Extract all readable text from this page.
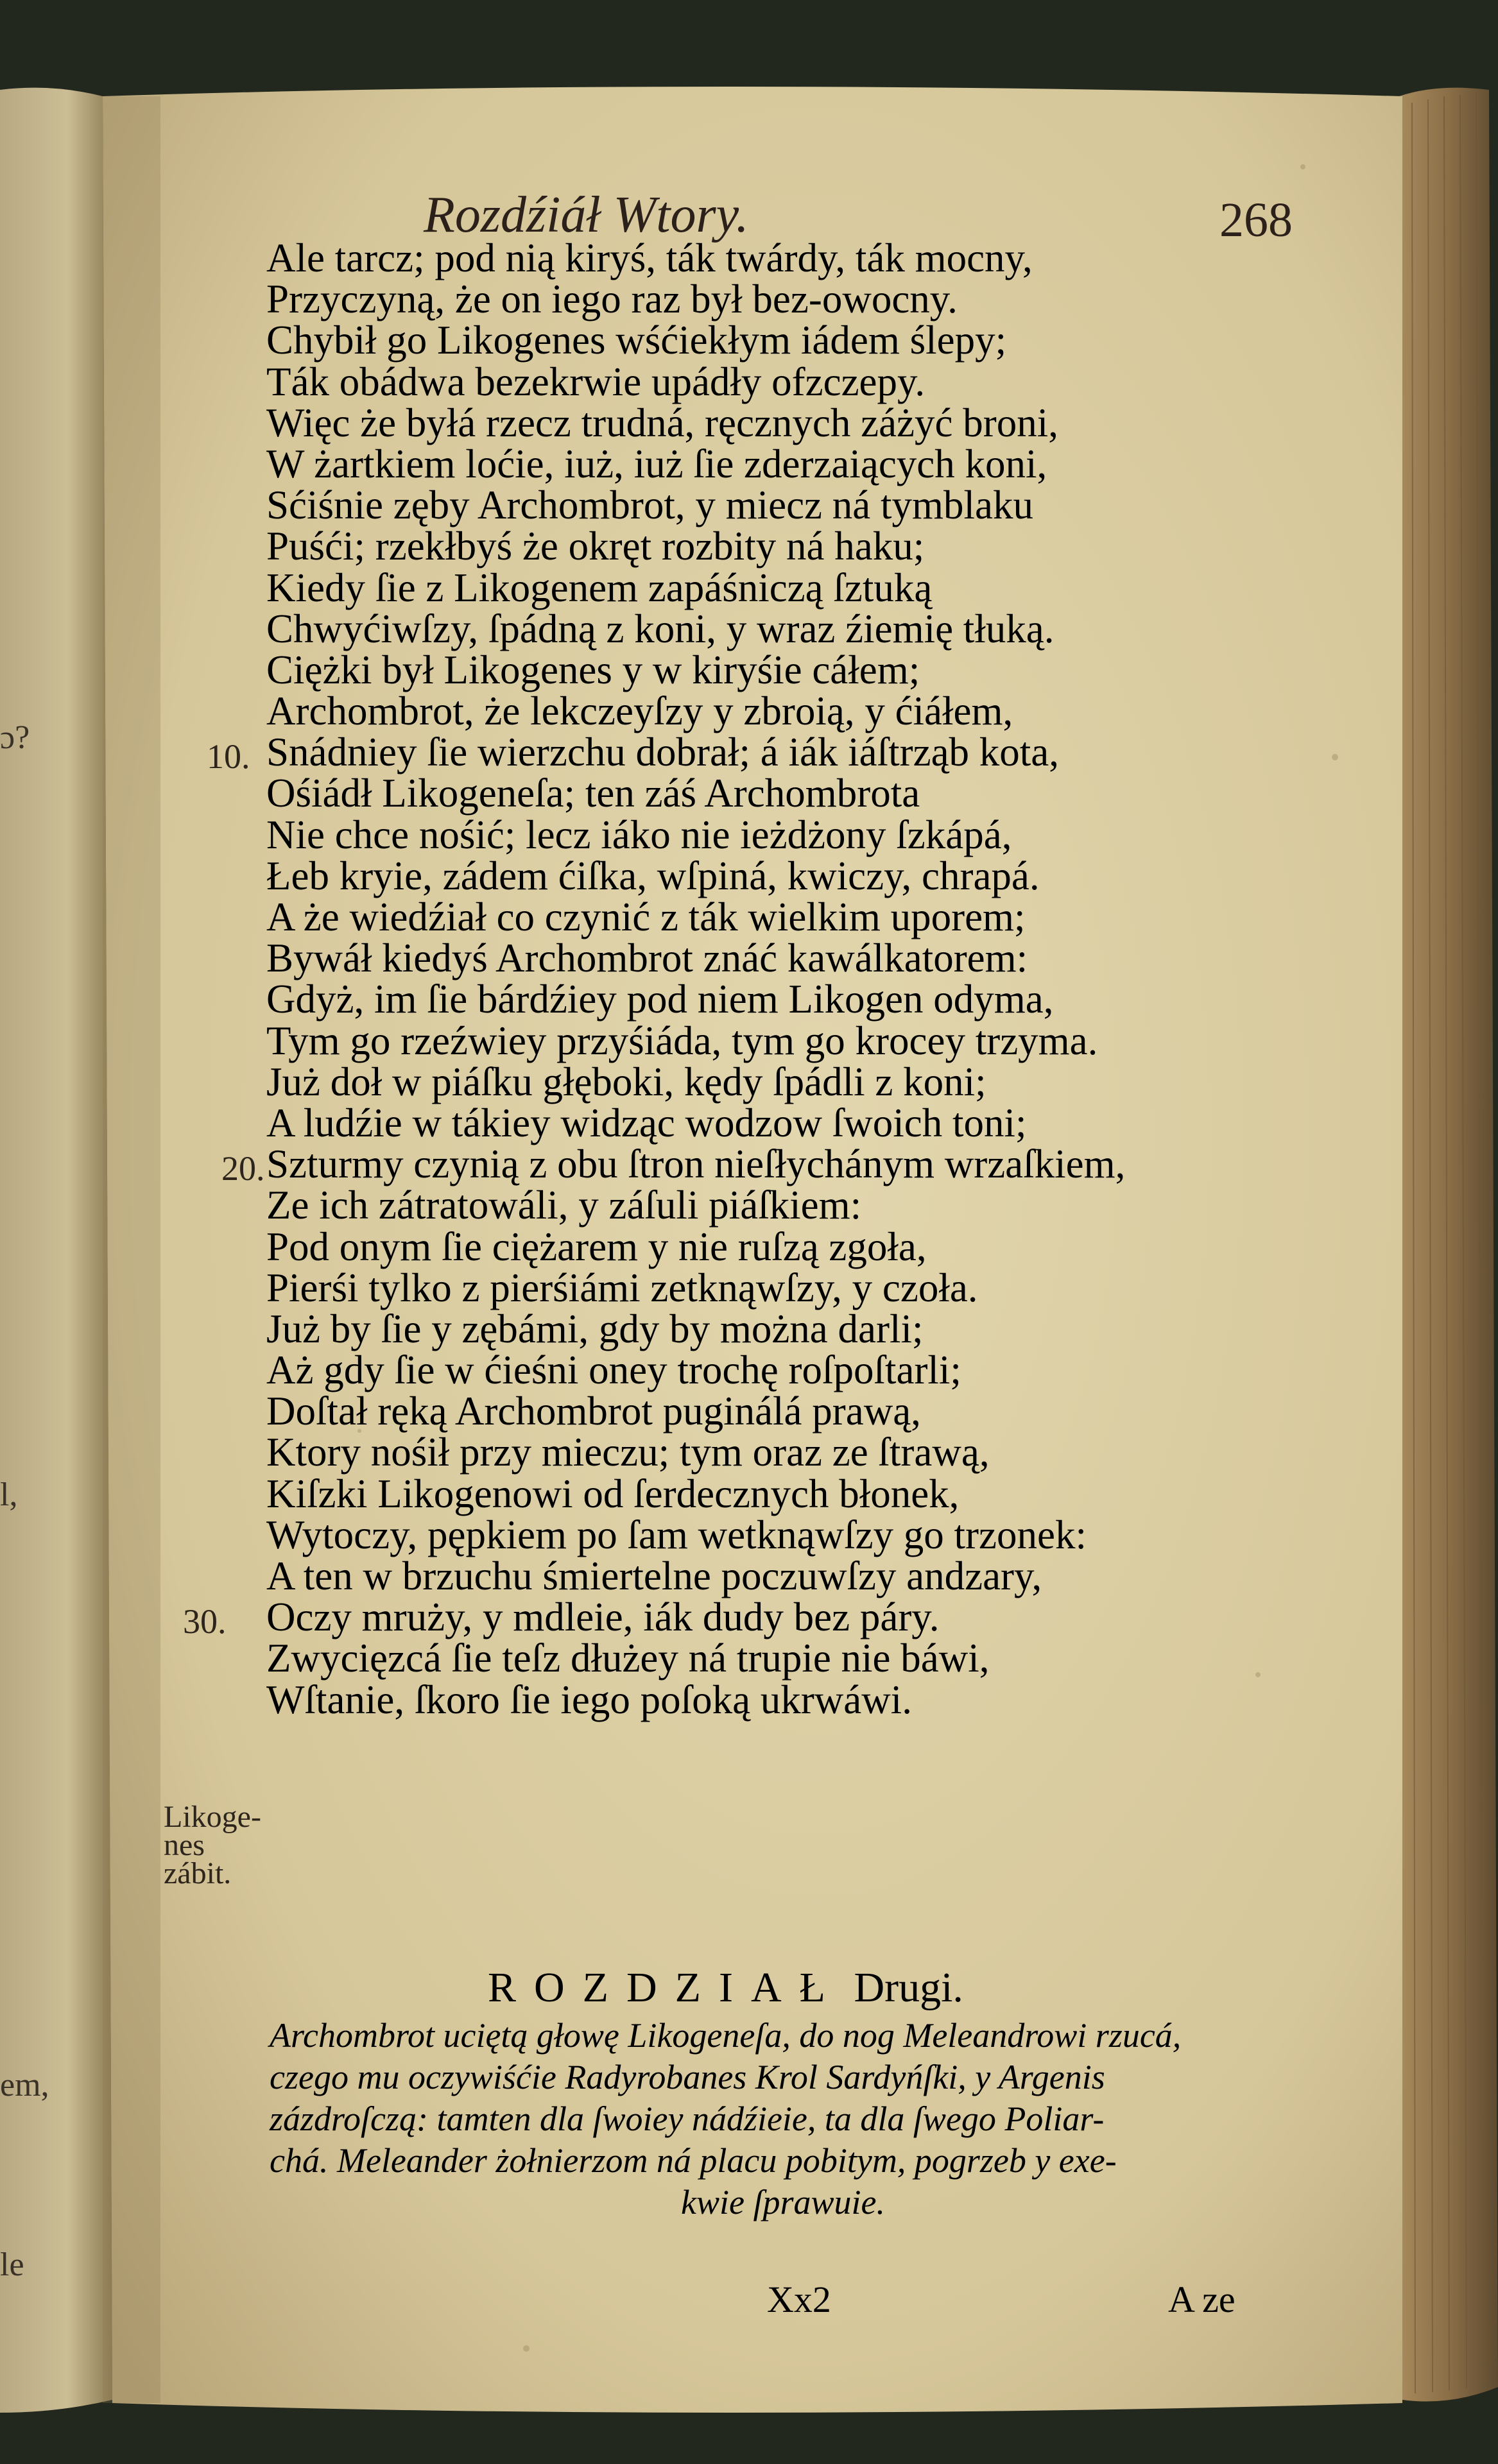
Rozdźiáł Wtory.	268
Ale tarcz; pod nią kiryś, ták twárdy, ták mocny,
Przyczyną, że on iego raz był bez-owocny.
Chybił go Likogenes wśćiekłym iádem ślepy;
Ták obádwa bezekrwie upádły ofzczepy.
Więc że byłá rzecz trudná, ręcznych záżyć broni,
W żartkiem loćie, iuż, iuż ſie zderzaiących koni,
Sćiśnie zęby Archombrot, y miecz ná tymblaku
Puśći; rzekłbyś że okręt rozbity ná haku;
Kiedy ſie z Likogenem zapáśniczą ſztuką
Chwyćiwſzy, ſpádną z koni, y wraz źiemię tłuką.
Ciężki był Likogenes y w kiryśie cáłem;
Archombrot, że lekczeyſzy y zbroią, y ćiáłem,
Snádniey ſie wierzchu dobrał; á iák iáſtrząb kota,
Ośiádł Likogeneſa; ten záś Archombrota
Nie chce nośić; lecz iáko nie ieżdżony ſzkápá,
Łeb kryie, zádem ćiſka, wſpiná, kwiczy, chrapá.
A że wiedźiał co czynić z ták wielkim uporem;
Bywáł kiedyś Archombrot znáć kawálkatorem:
Gdyż, im ſie bárdźiey pod niem Likogen odyma,
Tym go rzeźwiey przyśiáda, tym go krocey trzyma.
Już doł w piáſku głęboki, kędy ſpádli z koni;
A ludźie w tákiey widząc wodzow ſwoich toni;
Szturmy czynią z obu ſtron nieſłychánym wrzaſkiem,
Ze ich zátratowáli, y záſuli piáſkiem:
Pod onym ſie ciężarem y nie ruſzą zgoła,
Pierśi tylko z pierśiámi zetknąwſzy, y czoła.
Już by ſie y zębámi, gdy by można darli;
Aż gdy ſie w ćieśni oney trochę roſpoſtarli;
Doſtał ręką Archombrot puginálá prawą,
Ktory nośił przy mieczu; tym oraz ze ſtrawą,
Kiſzki Likogenowi od ſerdecznych błonek,
Wytoczy, pępkiem po ſam wetknąwſzy go trzonek:
A ten w brzuchu śmiertelne poczuwſzy andzary,
Oczy mruży, y mdleie, iák dudy bez páry.
Zwycięzcá ſie teſz dłużey ná trupie nie báwi,
Wſtanie, ſkoro ſie iego poſoką ukrwáwi.
10.
20.
30.
Likoge-
nes zábit.
ɔ?
l,
em,
le
ROZDZIAŁ Drugi.
Archombrot uciętą głowę Likogeneſa, do nog Meleandrowi rzucá,
czego mu oczywiśćie Radyrobanes Krol Sardyńſki, y Argenis
zázdroſczą: tamten dla ſwoiey nádźieie, ta dla ſwego Poliar-
chá. Meleander żołnierzom ná placu pobitym, pogrzeb y exe-
kwie ſprawuie.
Xx2	A ze
